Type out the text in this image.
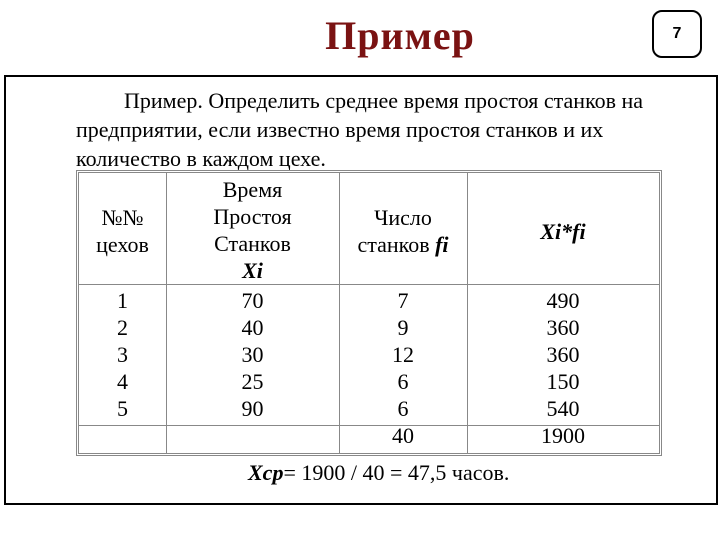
Пример	7
Пример. Определить среднее время простоя станков на
предприятии, если известно время простоя станков и их
количество в каждом цехе.
№№
цехов
Время
Простоя
Станков
Xi
Число
станков fi
Xi*fi
1
2
3
4
5
70
40
30
25
90
7
9
12
6
6
40
490
360
360
150
540
1900
Xcp= 1900 / 40 = 47,5 часов.
